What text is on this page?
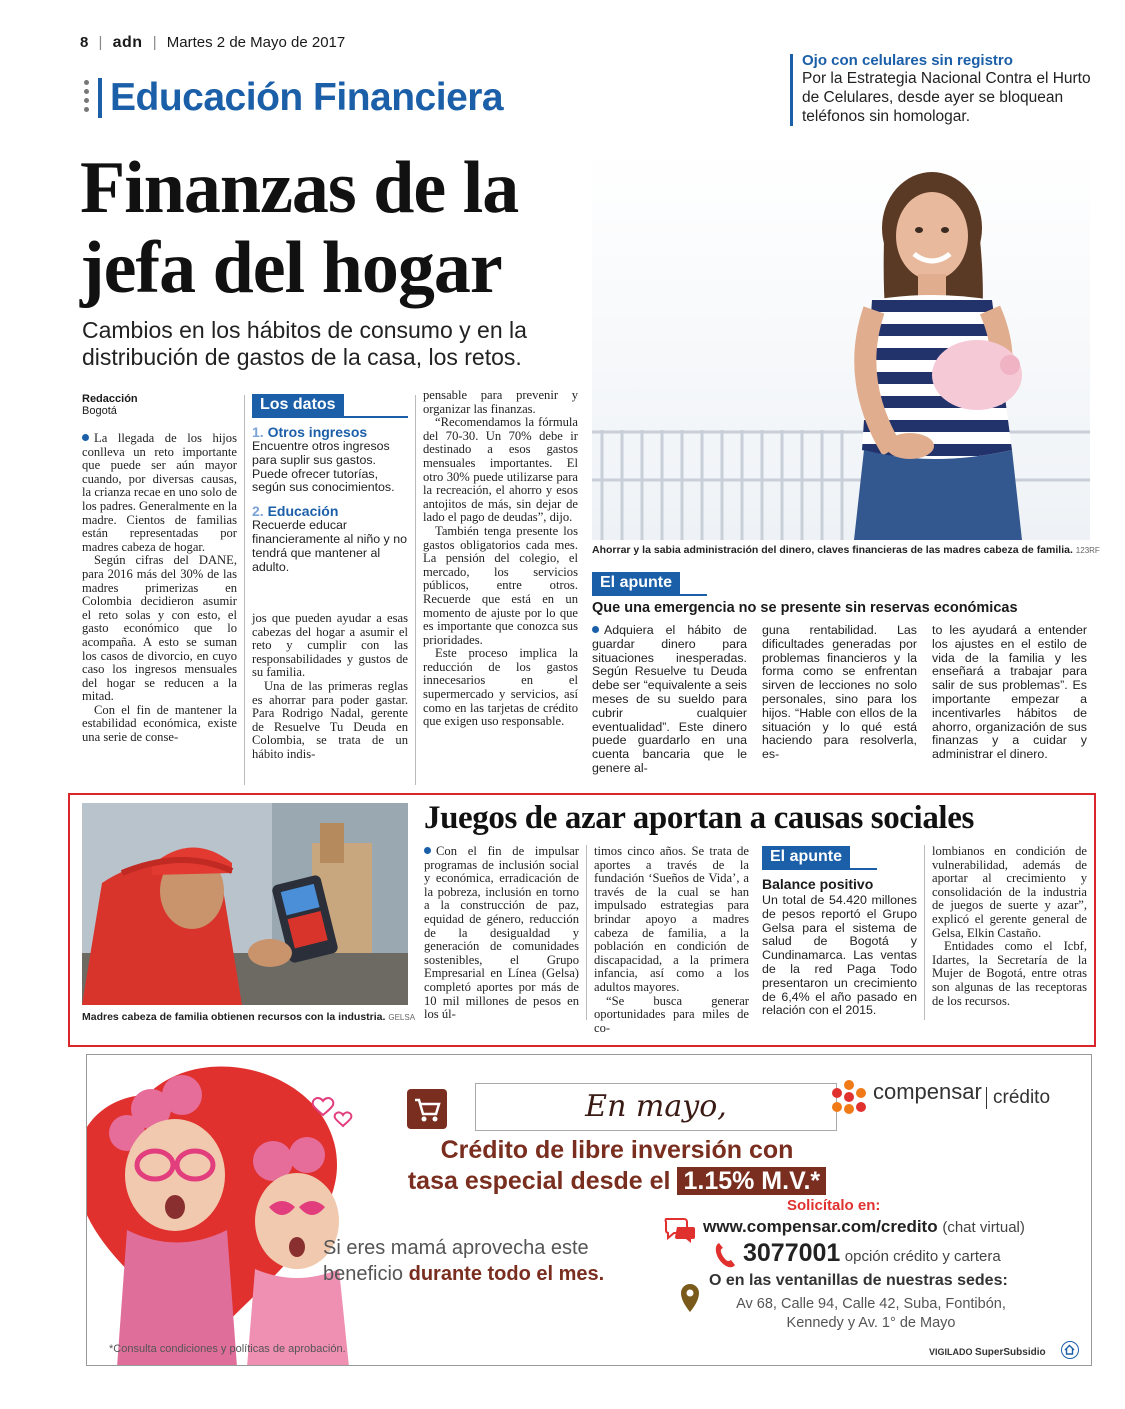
8 | adn | Martes 2 de Mayo de 2017
Educación Financiera
Ojo con celulares sin registro
Por la Estrategia Nacional Contra el Hurto de Celulares, desde ayer se bloquean teléfonos sin homologar.
Finanzas de la
jefa del hogar
Cambios en los hábitos de consumo y en la
distribución de gastos de la casa, los retos.
Ahorrar y la sabia administración del dinero, claves financieras de las madres cabeza de familia. 123RF
Redacción
Bogotá

La llegada de los hijos conlleva un reto importante que puede ser aún mayor cuando, por diversas causas, la crianza recae en uno solo de los padres. Generalmente en la madre. Cientos de familias están representadas por madres cabeza de hogar.

Según cifras del DANE, para 2016 más del 30% de las madres primerizas en Colombia decidieron asumir el reto solas y con esto, el gasto económico que lo acompaña. A esto se suman los casos de divorcio, en cuyo caso los ingresos mensuales del hogar se reducen a la mitad.

Con el fin de mantener la estabilidad económica, existe una serie de conse-

Los datos
1. Otros ingresos
Encuentre otros ingresos para suplir sus gastos. Puede ofrecer tutorías, según sus conocimientos.
2. Educación
Recuerde educar financieramente al niño y no tendrá que mantener al adulto.

jos que pueden ayudar a esas cabezas del hogar a asumir el reto y cumplir con las responsabilidades y gustos de su familia.

Una de las primeras reglas es ahorrar para poder gastar. Para Rodrigo Nadal, gerente de Resuelve Tu Deuda en Colombia, se trata de un hábito indis-

pensable para prevenir y organizar las finanzas.

“Recomendamos la fórmula del 70-30. Un 70% debe ir destinado a esos gastos mensuales importantes. El otro 30% puede utilizarse para la recreación, el ahorro y esos antojitos de más, sin dejar de lado el pago de deudas”, dijo.

También tenga presente los gastos obligatorios cada mes. La pensión del colegio, el mercado, los servicios públicos, entre otros. Recuerde que está en un momento de ajuste por lo que es importante que conozca sus prioridades.

Este proceso implica la reducción de los gastos innecesarios en el supermercado y servicios, así como en las tarjetas de crédito que exigen uso responsable.

El apunte
Que una emergencia no se presente sin reservas económicas
Adquiera el hábito de guardar dinero para situaciones inesperadas. Según Resuelve tu Deuda debe ser “equivalente a seis meses de su sueldo para cubrir cualquier eventualidad”. Este dinero puede guardarlo en una cuenta bancaria que le genere al-
guna rentabilidad. Las dificultades generadas por problemas financieros y la forma como se enfrentan sirven de lecciones no solo personales, sino para los hijos. “Hable con ellos de la situación y lo qué está haciendo para resolverla, es-
to les ayudará a entender los ajustes en el estilo de vida de la familia y les enseñará a trabajar para salir de sus problemas”. Es importante empezar a incentivarles hábitos de ahorro, organización de sus finanzas y a cuidar y administrar el dinero.
Madres cabeza de familia obtienen recursos con la industria. GELSA
Juegos de azar aportan a causas sociales

Con el fin de impulsar programas de inclusión social y económica, erradicación de la pobreza, inclusión en torno a la construcción de paz, equidad de género, reducción de la desigualdad y generación de comunidades sostenibles, el Grupo Empresarial en Línea (Gelsa) completó aportes por más de 10 mil millones de pesos en los úl-

timos cinco años. Se trata de aportes a través de la fundación ‘Sueños de Vida’, a través de la cual se han impulsado estrategias para brindar apoyo a madres cabeza de familia, a la población en condición de discapacidad, a la primera infancia, así como a los adultos mayores.

“Se busca generar oportunidades para miles de co-

El apunte
Balance positivo
Un total de 54.420 millones de pesos reportó el Grupo Gelsa para el sistema de salud de Bogotá y Cundinamarca. Las ventas de la red Paga Todo presentaron un crecimiento de 6,4% el año pasado en relación con el 2015.

lombianos en condición de vulnerabilidad, además de aportar al crecimiento y consolidación de la industria de juegos de suerte y azar”, explicó el gerente general de Gelsa, Elkin Castaño.

Entidades como el Icbf, Idartes, la Secretaría de la Mujer de Bogotá, entre otras son algunas de las receptoras de los recursos.

En mayo,	compensar crédito
Crédito de libre inversión con
tasa especial desde el 1.15% M.V.*
Si eres mamá aprovecha este
beneficio durante todo el mes.
Solicítalo en:
www.compensar.com/credito (chat virtual)
3077001 opción crédito y cartera
O en las ventanillas de nuestras sedes:
Av 68, Calle 94, Calle 42, Suba, Fontibón,
Kennedy y Av. 1° de Mayo
*Consulta condiciones y políticas de aprobación.	VIGILADO SuperSubsidio
